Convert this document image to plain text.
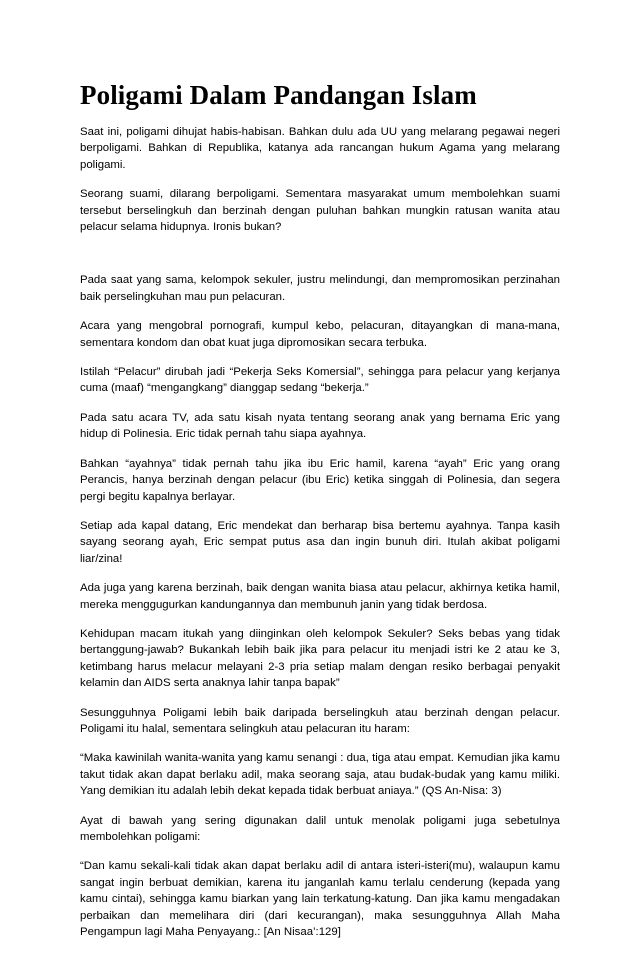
Poligami Dalam Pandangan Islam

Saat ini, poligami dihujat habis-habisan. Bahkan dulu ada UU yang melarang pegawai negeri berpoligami. Bahkan di Republika, katanya ada rancangan hukum Agama yang melarang poligami.

Seorang suami, dilarang berpoligami. Sementara masyarakat umum membolehkan suami tersebut berselingkuh dan berzinah dengan puluhan bahkan mungkin ratusan wanita atau pelacur selama hidupnya. Ironis bukan?

Pada saat yang sama, kelompok sekuler, justru melindungi, dan mempromosikan perzinahan baik perselingkuhan mau pun pelacuran.

Acara yang mengobral pornografi, kumpul kebo, pelacuran, ditayangkan di mana-mana, sementara kondom dan obat kuat juga dipromosikan secara terbuka.

Istilah “Pelacur” dirubah jadi “Pekerja Seks Komersial”, sehingga para pelacur yang kerjanya cuma (maaf) “mengangkang” dianggap sedang “bekerja.”

Pada satu acara TV, ada satu kisah nyata tentang seorang anak yang bernama Eric yang hidup di Polinesia. Eric tidak pernah tahu siapa ayahnya.

Bahkan “ayahnya” tidak pernah tahu jika ibu Eric hamil, karena “ayah” Eric yang orang Perancis, hanya berzinah dengan pelacur (ibu Eric) ketika singgah di Polinesia, dan segera pergi begitu kapalnya berlayar.

Setiap ada kapal datang, Eric mendekat dan berharap bisa bertemu ayahnya. Tanpa kasih sayang seorang ayah, Eric sempat putus asa dan ingin bunuh diri. Itulah akibat poligami liar/zina!

Ada juga yang karena berzinah, baik dengan wanita biasa atau pelacur, akhirnya ketika hamil, mereka menggugurkan kandungannya dan membunuh janin yang tidak berdosa.

Kehidupan macam itukah yang diinginkan oleh kelompok Sekuler? Seks bebas yang tidak bertanggung-jawab? Bukankah lebih baik jika para pelacur itu menjadi istri ke 2 atau ke 3, ketimbang harus melacur melayani 2-3 pria setiap malam dengan resiko berbagai penyakit kelamin dan AIDS serta anaknya lahir tanpa bapak”

Sesungguhnya Poligami lebih baik daripada berselingkuh atau berzinah dengan pelacur. Poligami itu halal, sementara selingkuh atau pelacuran itu haram:

“Maka kawinilah wanita-wanita yang kamu senangi : dua, tiga atau empat. Kemudian jika kamu takut tidak akan dapat berlaku adil, maka seorang saja, atau budak-budak yang kamu miliki. Yang demikian itu adalah lebih dekat kepada tidak berbuat aniaya.” (QS An-Nisa: 3)

Ayat di bawah yang sering digunakan dalil untuk menolak poligami juga sebetulnya membolehkan poligami:

“Dan kamu sekali-kali tidak akan dapat berlaku adil di antara isteri-isteri(mu), walaupun kamu sangat ingin berbuat demikian, karena itu janganlah kamu terlalu cenderung (kepada yang kamu cintai), sehingga kamu biarkan yang lain terkatung-katung. Dan jika kamu mengadakan perbaikan dan memelihara diri (dari kecurangan), maka sesungguhnya Allah Maha Pengampun lagi Maha Penyayang.: [An Nisaa’:129]
